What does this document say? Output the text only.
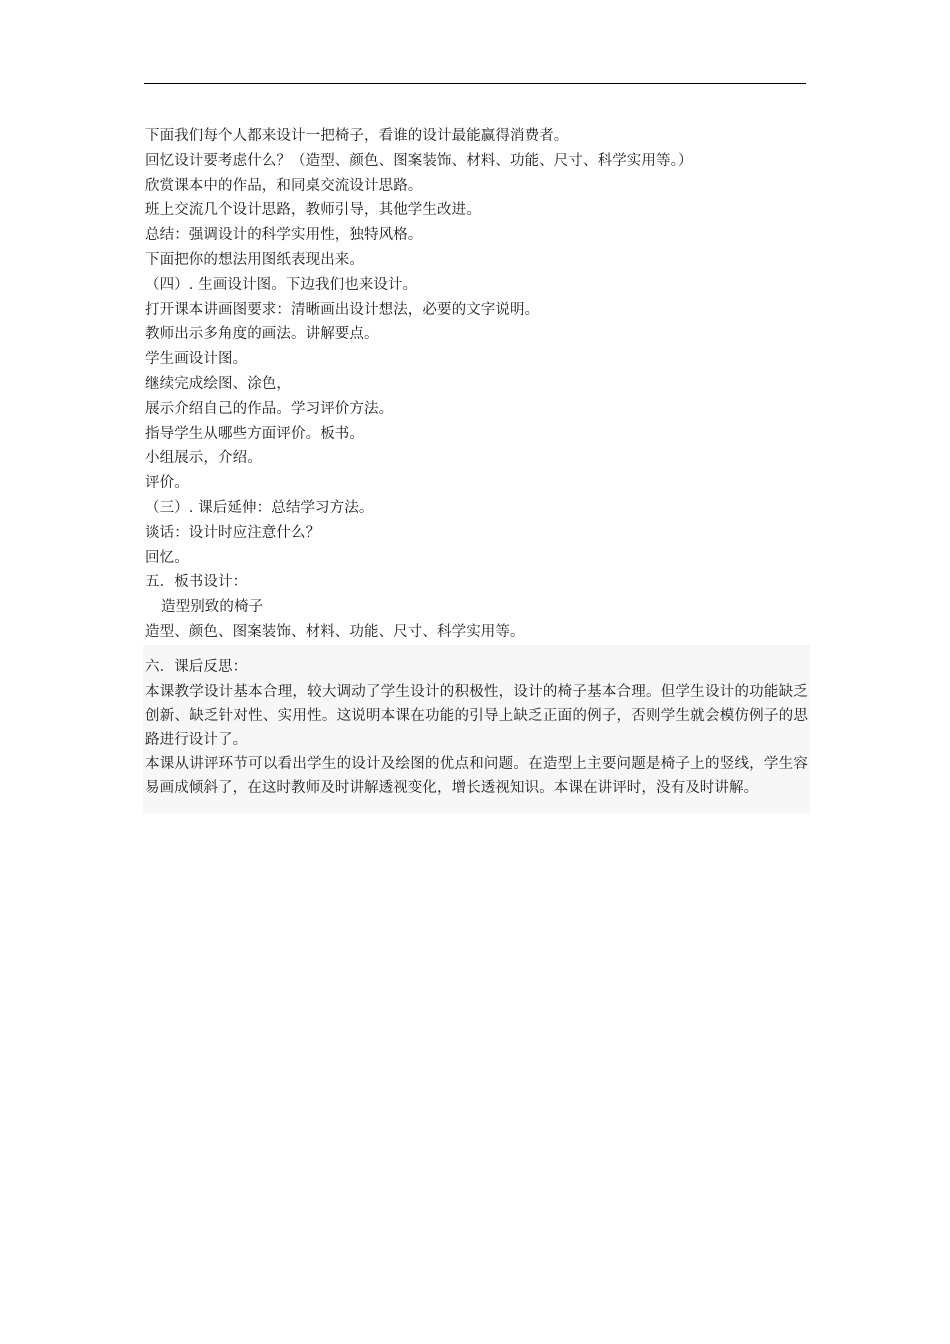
下面我们每个人都来设计一把椅子，看谁的设计最能赢得消费者。
回忆设计要考虑什么？（造型、颜色、图案装饰、材料、功能、尺寸、科学实用等。）
欣赏课本中的作品，和同桌交流设计思路。
班上交流几个设计思路，教师引导，其他学生改进。
总结：强调设计的科学实用性，独特风格。
下面把你的想法用图纸表现出来。
（四）. 生画设计图。下边我们也来设计。
打开课本讲画图要求：清晰画出设计想法，必要的文字说明。
教师出示多角度的画法。讲解要点。
学生画设计图。
继续完成绘图、涂色，
展示介绍自己的作品。学习评价方法。
指导学生从哪些方面评价。板书。
小组展示，介绍。
评价。
（三）. 课后延伸：总结学习方法。
谈话：设计时应注意什么？
回忆。
五．板书设计：
造型别致的椅子
造型、颜色、图案装饰、材料、功能、尺寸、科学实用等。
六．课后反思：
本课教学设计基本合理，较大调动了学生设计的积极性，设计的椅子基本合理。但学生设计的功能缺乏创新、缺乏针对性、实用性。这说明本课在功能的引导上缺乏正面的例子，否则学生就会模仿例子的思路进行设计了。
本课从讲评环节可以看出学生的设计及绘图的优点和问题。在造型上主要问题是椅子上的竖线，学生容易画成倾斜了，在这时教师及时讲解透视变化，增长透视知识。本课在讲评时，没有及时讲解。
